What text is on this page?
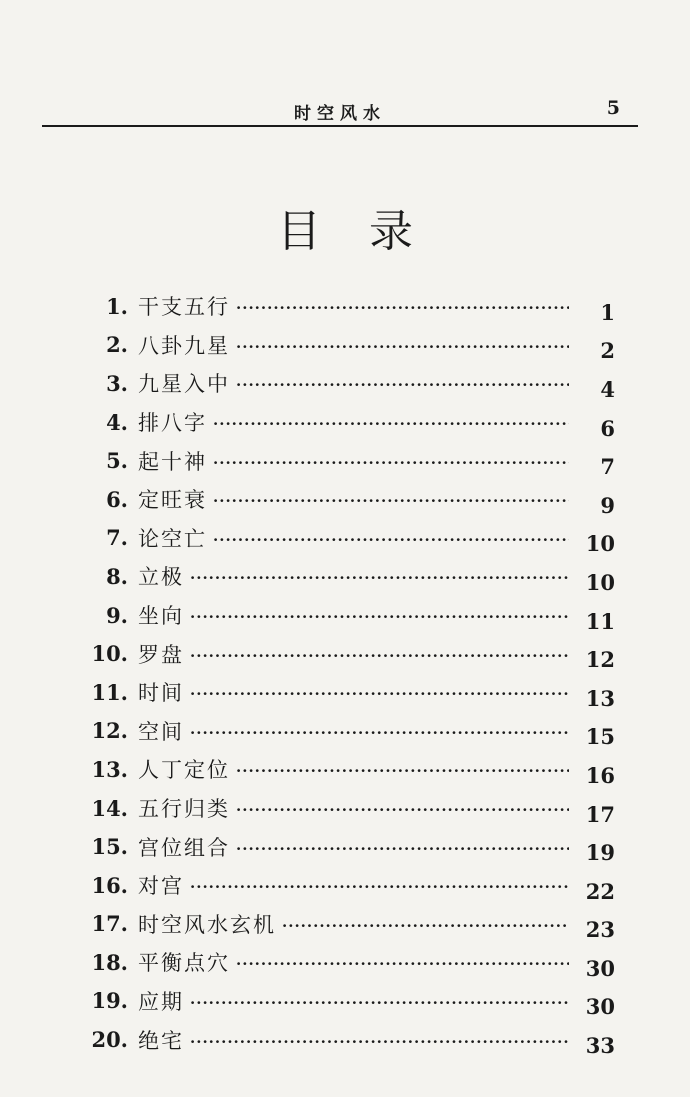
时空风水	5
目录
1. 干支五行 ·····	1
2. 八卦九星 ·····	2
3. 九星入中 ·····	4
4. 排八字 ·····	6
5. 起十神 ·····	7
6. 定旺衰 ·····	9
7. 论空亡 ·····	10
8. 立极 ·····	10
9. 坐向 ·····	11
10. 罗盘 ·····	12
11. 时间 ·····	13
12. 空间 ·····	15
13. 人丁定位 ·····	16
14. 五行归类 ·····	17
15. 宫位组合 ·····	19
16. 对宫 ·····	22
17. 时空风水玄机 ·····	23
18. 平衡点穴 ·····	30
19. 应期 ·····	30
20. 绝宅 ·····	33
